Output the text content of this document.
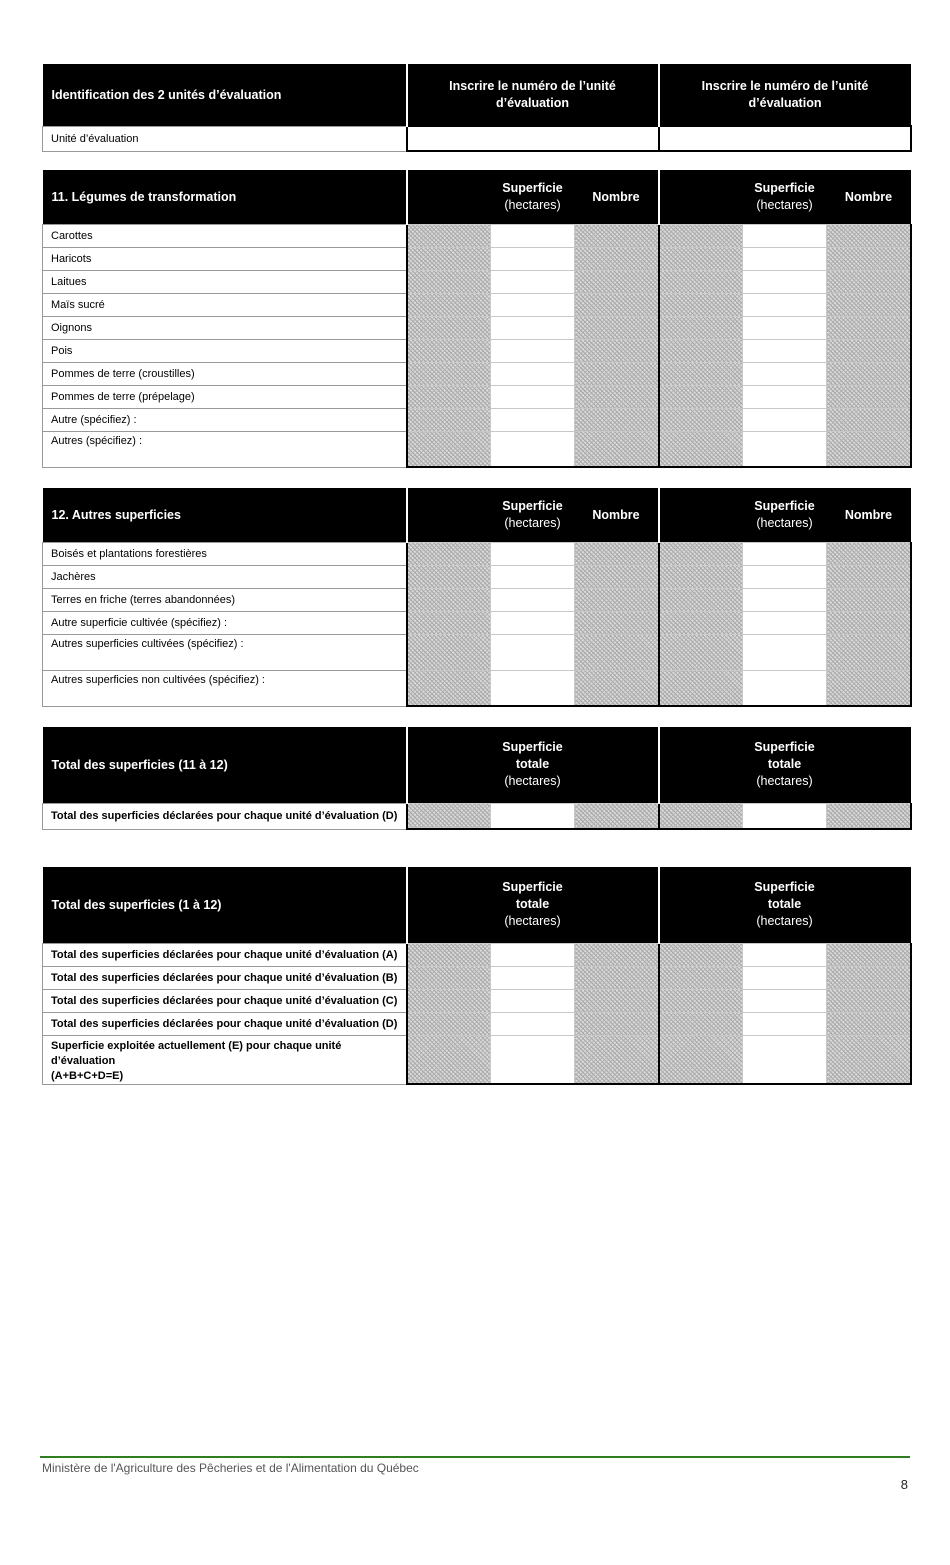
Identification des 2 unités d’évaluation	Inscrire le numéro de l’unité d’évaluation	Inscrire le numéro de l’unité d’évaluation
Unité d’évaluation		
11. Légumes de transformation		Superficie
(hectares)	Nombre		Superficie
(hectares)	Nombre
Carottes						
Haricots						
Laitues						
Maïs sucré						
Oignons						
Pois						
Pommes de terre (croustilles)						
Pommes de terre (prépelage)						
Autre (spécifiez) :						
Autres (spécifiez) :						
12. Autres superficies		Superficie
(hectares)	Nombre		Superficie
(hectares)	Nombre
Boisés et plantations forestières						
Jachères						
Terres en friche (terres abandonnées)						
Autre superficie cultivée (spécifiez) :						
Autres superficies cultivées (spécifiez) :						
Autres superficies non cultivées (spécifiez) :						
Total des superficies (11 à 12)		Superficie
totale
(hectares)			Superficie
totale
(hectares)	
Total des superficies déclarées pour chaque unité d’évaluation (D)						
Total des superficies (1 à 12)		Superficie
totale
(hectares)			Superficie
totale
(hectares)	
Total des superficies déclarées pour chaque unité d’évaluation (A)						
Total des superficies déclarées pour chaque unité d’évaluation (B)						
Total des superficies déclarées pour chaque unité d’évaluation (C)						
Total des superficies déclarées pour chaque unité d’évaluation (D)						
Superficie exploitée actuellement (E) pour chaque unité d’évaluation
(A+B+C+D=E)						
Ministère de l'Agriculture des Pêcheries et de l'Alimentation du Québec
8
